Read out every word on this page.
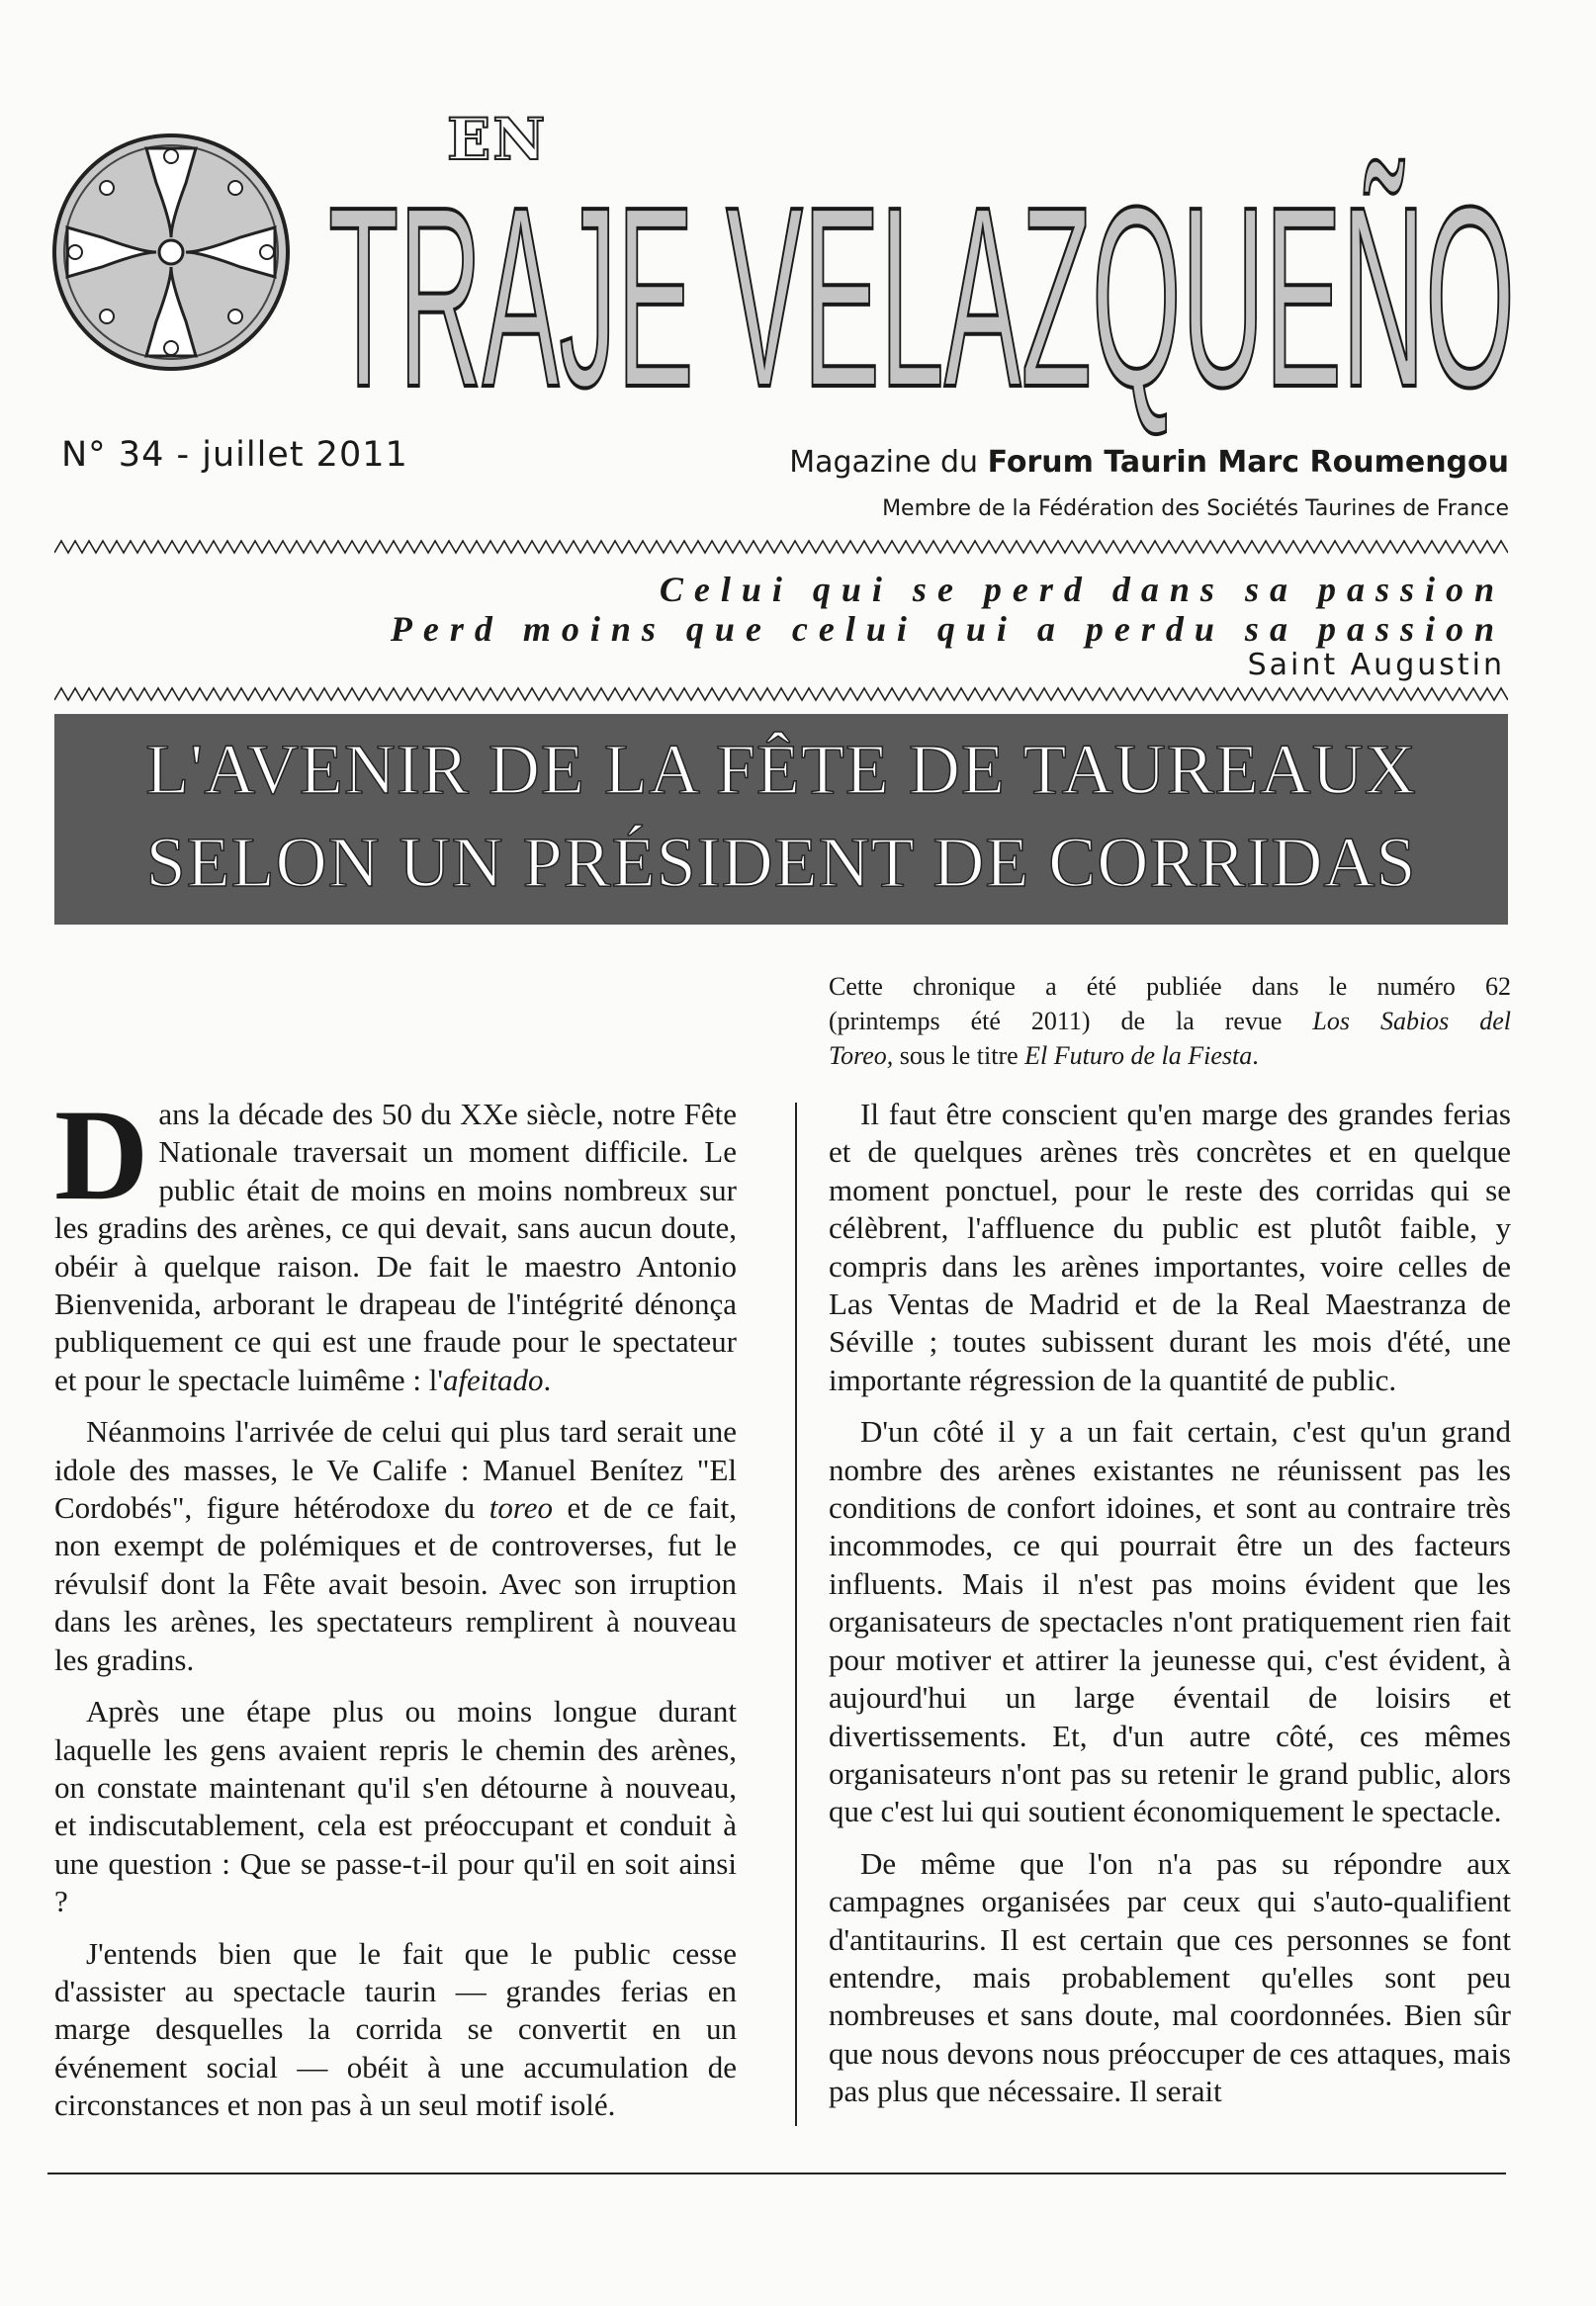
EN
TRAJE VELAZQUEÑO
N° 34 - juillet 2011	Magazine du Forum Taurin Marc Roumengou
Membre de la Fédération des Sociétés Taurines de France
Celui qui se perd dans sa passion
Perd moins que celui qui a perdu sa passion
Saint Augustin
L'AVENIR DE LA FÊTE DE TAUREAUX
SELON UN PRÉSIDENT DE CORRIDAS
Cette chronique a été publiée dans le numéro 62
(printemps été 2011) de la revue Los Sabios del
Toreo, sous le titre El Futuro de la Fiesta.

Dans la décade des 50 du XXe siècle, notre Fête Nationale traversait un moment difficile. Le public était de moins en moins nombreux sur les gradins des arènes, ce qui devait, sans aucun doute, obéir à quelque raison. De fait le maestro Antonio Bienvenida, arborant le drapeau de l'intégrité dénonça publiquement ce qui est une fraude pour le spectateur et pour le spectacle luimême : l'afeitado.

Néanmoins l'arrivée de celui qui plus tard serait une idole des masses, le Ve Calife : Manuel Benítez "El Cordobés", figure hétérodoxe du toreo et de ce fait, non exempt de polémiques et de controverses, fut le révulsif dont la Fête avait besoin. Avec son irruption dans les arènes, les spectateurs remplirent à nouveau les gradins.

Après une étape plus ou moins longue durant laquelle les gens avaient repris le chemin des arènes, on constate maintenant qu'il s'en détourne à nouveau, et indiscutablement, cela est préoccupant et conduit à une question : Que se passe-t-il pour qu'il en soit ainsi ?

J'entends bien que le fait que le public cesse d'assister au spectacle taurin — grandes ferias en marge desquelles la corrida se convertit en un événement social — obéit à une accumulation de circonstances et non pas à un seul motif isolé.

Il faut être conscient qu'en marge des grandes ferias et de quelques arènes très concrètes et en quelque moment ponctuel, pour le reste des corridas qui se célèbrent, l'affluence du public est plutôt faible, y compris dans les arènes importantes, voire celles de Las Ventas de Madrid et de la Real Maestranza de Séville ; toutes subissent durant les mois d'été, une importante régression de la quantité de public.

D'un côté il y a un fait certain, c'est qu'un grand nombre des arènes existantes ne réunissent pas les conditions de confort idoines, et sont au contraire très incommodes, ce qui pourrait être un des facteurs influents. Mais il n'est pas moins évident que les organisateurs de spectacles n'ont pratiquement rien fait pour motiver et attirer la jeunesse qui, c'est évident, à aujourd'hui un large éventail de loisirs et divertissements. Et, d'un autre côté, ces mêmes organisateurs n'ont pas su retenir le grand public, alors que c'est lui qui soutient économiquement le spectacle.

De même que l'on n'a pas su répondre aux campagnes organisées par ceux qui s'auto-qualifient d'antitaurins. Il est certain que ces personnes se font entendre, mais probablement qu'elles sont peu nombreuses et sans doute, mal coordonnées. Bien sûr que nous devons nous préoccuper de ces attaques, mais pas plus que nécessaire. Il serait
